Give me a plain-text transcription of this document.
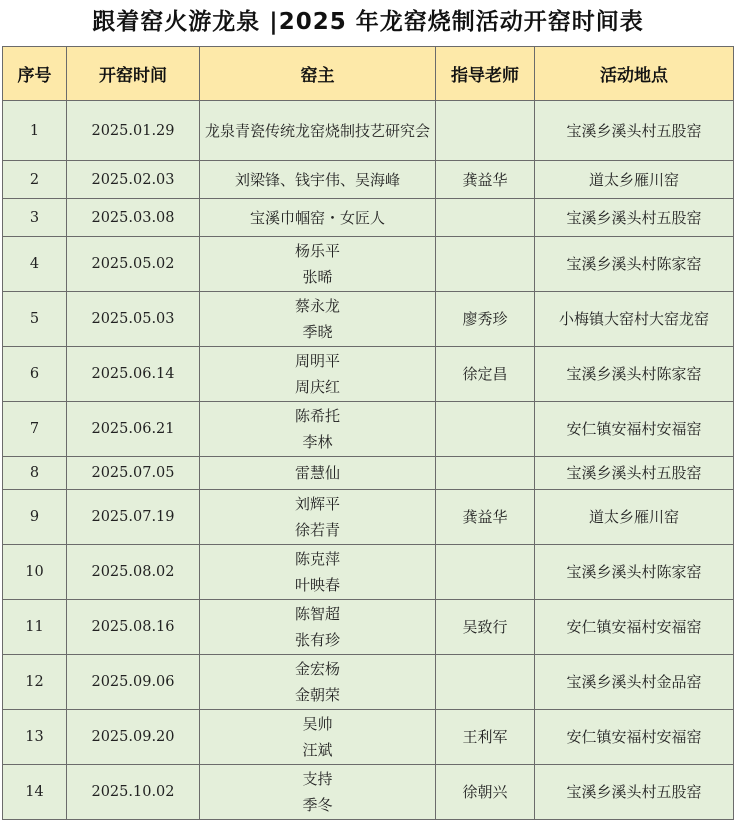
跟着窑火游龙泉 |2025 年龙窑烧制活动开窑时间表
序号	开窑时间	窑主	指导老师	活动地点
1	2025.01.29	龙泉青瓷传统龙窑烧制技艺研究会		宝溪乡溪头村五股窑
2	2025.02.03	刘梁锋、钱宇伟、吴海峰	龚益华	道太乡雁川窑
3	2025.03.08	宝溪巾帼窑・女匠人		宝溪乡溪头村五股窑
4	2025.05.02	杨乐平
张晞		宝溪乡溪头村陈家窑
5	2025.05.03	蔡永龙
季晓	廖秀珍	小梅镇大窑村大窑龙窑
6	2025.06.14	周明平
周庆红	徐定昌	宝溪乡溪头村陈家窑
7	2025.06.21	陈希托
李林		安仁镇安福村安福窑
8	2025.07.05	雷慧仙		宝溪乡溪头村五股窑
9	2025.07.19	刘辉平
徐若青	龚益华	道太乡雁川窑
10	2025.08.02	陈克萍
叶映春		宝溪乡溪头村陈家窑
11	2025.08.16	陈智超
张有珍	吴致行	安仁镇安福村安福窑
12	2025.09.06	金宏杨
金朝荣		宝溪乡溪头村金品窑
13	2025.09.20	吴帅
汪斌	王利军	安仁镇安福村安福窑
14	2025.10.02	支持
季冬	徐朝兴	宝溪乡溪头村五股窑
